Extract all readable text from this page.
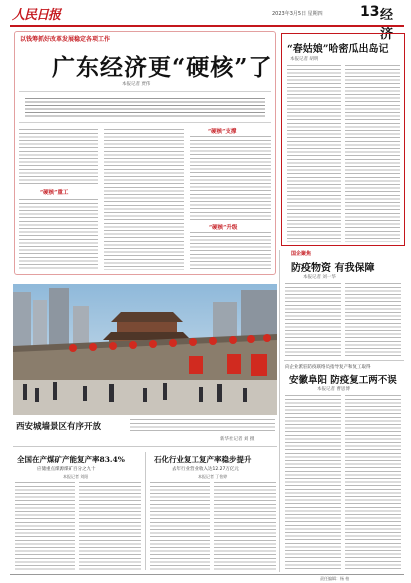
人民日报	2023年3月5日 星期四	13 经济
以钱筹抓好改革发展稳定各项工作
广东经济更“硬核”了
本报记者 贾伟
“硬核”重工
“硬核”支撑
“硬核”升级
“春姑娘”哈密瓜出岛记
本报记者 胡明
国企聚焦
防疫物资 有我保障
本报记者 刘一华
向企业派驻防疫联络员指导复产和复工取得
安徽阜阳 防疫复工两不误
本报记者 曹思博
新华社记者 刘 摄
西安城墙景区有序开放
全国在产煤矿产能复产率83.4%
应储重点煤源煤矿百分之九十
本报记者 刘阳
石化行业复工复产率稳步提升
去年行业营业收入达12.27万亿元
本报记者 丁怡婷
责任编辑：杨 柏
